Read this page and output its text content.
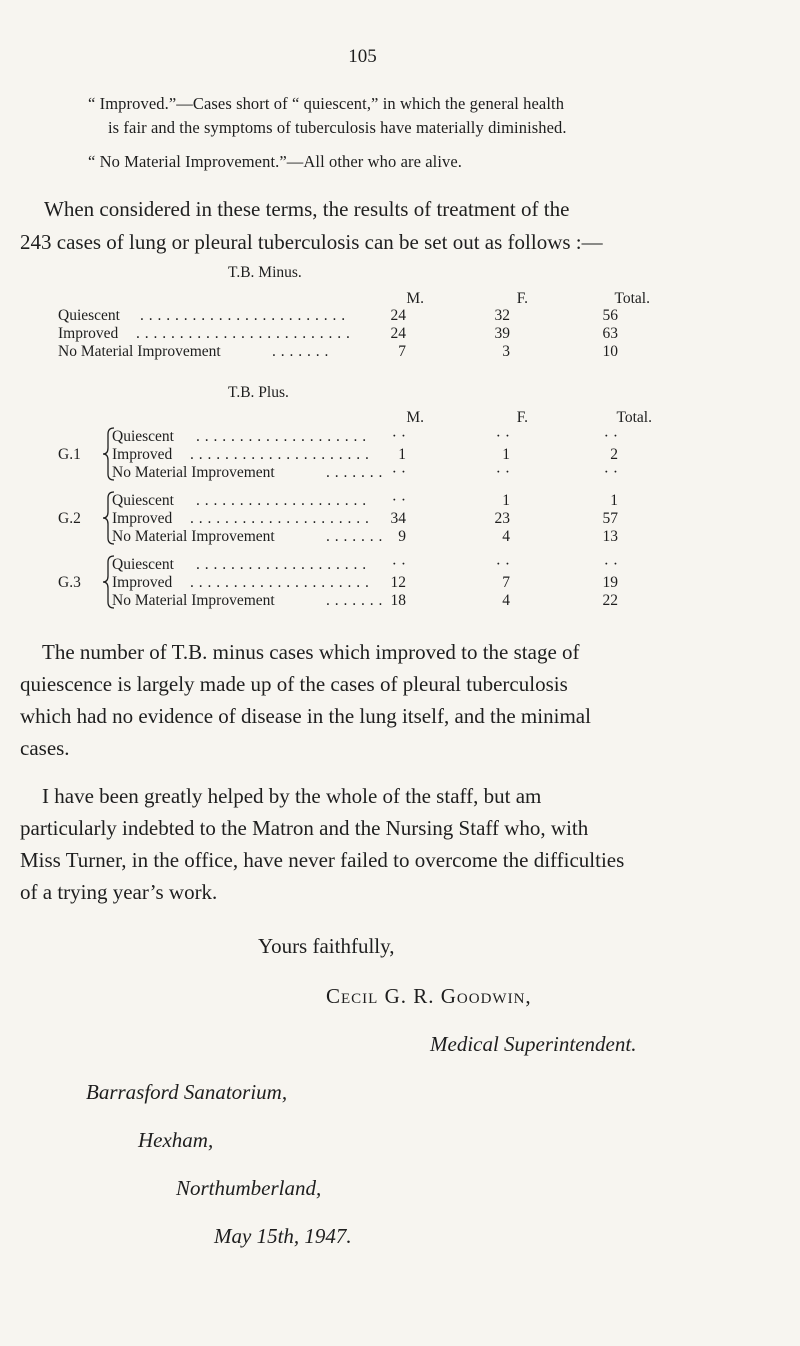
105
“ Improved.”—Cases short of “ quiescent,” in which the general health
is fair and the symptoms of tuberculosis have materially diminished.
“ No Material Improvement.”—All other who are alive.
When considered in these terms, the results of treatment of the
243 cases of lung or pleural tuberculosis can be set out as follows :—
T.B. Minus.
M.	F.	Total.
Quiescent . . . . . . . . . . . . . . . . . . . . . . . .	24	32	56
Improved . . . . . . . . . . . . . . . . . . . . . . . . .	24	39	63
No Material Improvement	. . . . . . .	7	3	10
T.B. Plus.
M.	F.	Total.
G.1
Quiescent . . . . . . . . . . . . . . . . . . . .	· ·	· ·	· ·
Improved . . . . . . . . . . . . . . . . . . . . .	1	1	2
No Material Improvement	. . . . . . . · ·	· ·	· ·
G.2
Quiescent . . . . . . . . . . . . . . . . . . . .	· ·	1	1
Improved . . . . . . . . . . . . . . . . . . . . .	34	23	57
No Material Improvement	. . . . . . . 9	4	13
G.3
Quiescent . . . . . . . . . . . . . . . . . . . .	· ·	· ·	· ·
Improved . . . . . . . . . . . . . . . . . . . . .	12	7	19
No Material Improvement	. . . . . . . 18	4	22
The number of T.B. minus cases which improved to the stage of
quiescence is largely made up of the cases of pleural tuberculosis
which had no evidence of disease in the lung itself, and the minimal
cases.
I have been greatly helped by the whole of the staff, but am
particularly indebted to the Matron and the Nursing Staff who, with
Miss Turner, in the office, have never failed to overcome the difficulties
of a trying year’s work.
Yours faithfully,
Cecil G. R. Goodwin,
Medical Superintendent.
Barrasford Sanatorium,
Hexham,
Northumberland,
May 15th, 1947.
